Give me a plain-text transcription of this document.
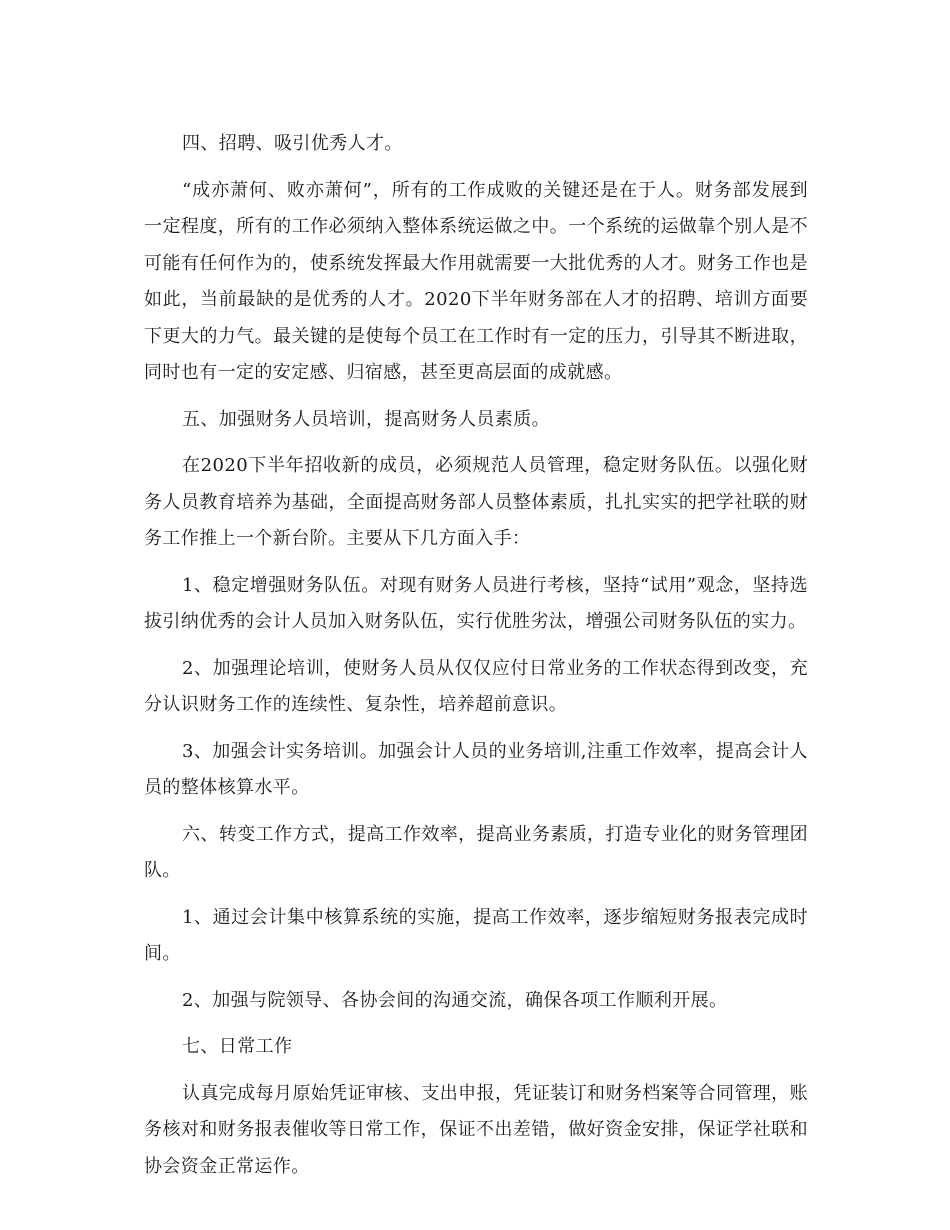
四、招聘、吸引优秀人才。

“成亦萧何、败亦萧何”，所有的工作成败的关键还是在于人。财务部发展到一定程度，所有的工作必须纳入整体系统运做之中。一个系统的运做靠个别人是不可能有任何作为的，使系统发挥最大作用就需要一大批优秀的人才。财务工作也是如此，当前最缺的是优秀的人才。2020下半年财务部在人才的招聘、培训方面要下更大的力气。最关键的是使每个员工在工作时有一定的压力，引导其不断进取，同时也有一定的安定感、归宿感，甚至更高层面的成就感。

五、加强财务人员培训，提高财务人员素质。

在2020下半年招收新的成员，必须规范人员管理，稳定财务队伍。以强化财务人员教育培养为基础，全面提高财务部人员整体素质，扎扎实实的把学社联的财务工作推上一个新台阶。主要从下几方面入手：

1、稳定增强财务队伍。对现有财务人员进行考核，坚持“试用”观念，坚持选拔引纳优秀的会计人员加入财务队伍，实行优胜劣汰，增强公司财务队伍的实力。

2、加强理论培训，使财务人员从仅仅应付日常业务的工作状态得到改变，充分认识财务工作的连续性、复杂性，培养超前意识。

3、加强会计实务培训。加强会计人员的业务培训,注重工作效率，提高会计人员的整体核算水平。

六、转变工作方式，提高工作效率，提高业务素质，打造专业化的财务管理团队。

1、通过会计集中核算系统的实施，提高工作效率，逐步缩短财务报表完成时间。

2、加强与院领导、各协会间的沟通交流，确保各项工作顺利开展。

七、日常工作

认真完成每月原始凭证审核、支出申报，凭证装订和财务档案等合同管理，账务核对和财务报表催收等日常工作，保证不出差错，做好资金安排，保证学社联和协会资金正常运作。
